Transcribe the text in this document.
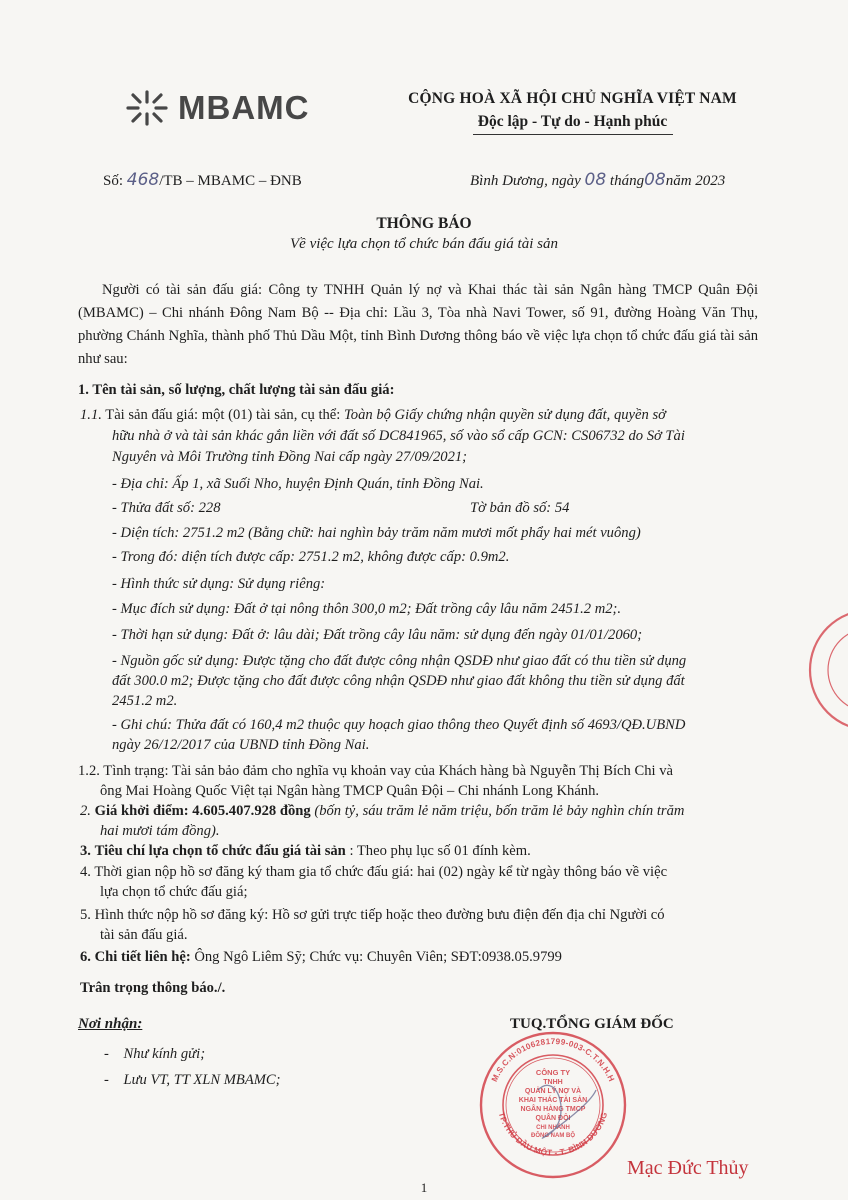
MBAMC	CỘNG HOÀ XÃ HỘI CHỦ NGHĨA VIỆT NAM
Độc lập - Tự do - Hạnh phúc
Số: 468/TB – MBAMC – ĐNB	Bình Dương, ngày 08 tháng08năm 2023
THÔNG BÁO
Về việc lựa chọn tổ chức bán đấu giá tài sản
Người có tài sản đấu giá: Công ty TNHH Quản lý nợ và Khai thác tài sản Ngân hàng TMCP Quân Đội (MBAMC) – Chi nhánh Đông Nam Bộ -- Địa chỉ: Lầu 3, Tòa nhà Navi Tower, số 91, đường Hoàng Văn Thụ, phường Chánh Nghĩa, thành phố Thủ Dầu Một, tỉnh Bình Dương thông báo về việc lựa chọn tổ chức đấu giá tài sản như sau:
1. Tên tài sản, số lượng, chất lượng tài sản đấu giá:
1.1. Tài sản đấu giá: một (01) tài sản, cụ thể: Toàn bộ Giấy chứng nhận quyền sử dụng đất, quyền sở
hữu nhà ở và tài sản khác gắn liền với đất số DC841965, số vào sổ cấp GCN: CS06732 do Sở Tài
Nguyên và Môi Trường tỉnh Đồng Nai cấp ngày 27/09/2021;
- Địa chỉ: Ấp 1, xã Suối Nho, huyện Định Quán, tỉnh Đồng Nai.
- Thửa đất số: 228	Tờ bản đồ số: 54
- Diện tích: 2751.2 m2 (Bằng chữ: hai nghìn bảy trăm năm mươi mốt phẩy hai mét vuông)
- Trong đó: diện tích được cấp: 2751.2 m2, không được cấp: 0.9m2.
- Hình thức sử dụng: Sử dụng riêng:
- Mục đích sử dụng: Đất ở tại nông thôn 300,0 m2; Đất trồng cây lâu năm 2451.2 m2;.
- Thời hạn sử dụng: Đất ở: lâu dài; Đất trồng cây lâu năm: sử dụng đến ngày 01/01/2060;
- Nguồn gốc sử dụng: Được tặng cho đất được công nhận QSDĐ như giao đất có thu tiền sử dụng
đất 300.0 m2; Được tặng cho đất được công nhận QSDĐ như giao đất không thu tiền sử dụng đất
2451.2 m2.
- Ghi chú: Thửa đất có 160,4 m2 thuộc quy hoạch giao thông theo Quyết định số 4693/QĐ.UBND
ngày 26/12/2017 của UBND tỉnh Đồng Nai.
1.2. Tình trạng: Tài sản bảo đảm cho nghĩa vụ khoản vay của Khách hàng bà Nguyễn Thị Bích Chi và
ông Mai Hoàng Quốc Việt tại Ngân hàng TMCP Quân Đội – Chi nhánh Long Khánh.
2. Giá khởi điểm: 4.605.407.928 đồng (bốn tỷ, sáu trăm lẻ năm triệu, bốn trăm lẻ bảy nghìn chín trăm
hai mươi tám đồng).
3. Tiêu chí lựa chọn tổ chức đấu giá tài sản : Theo phụ lục số 01 đính kèm.
4. Thời gian nộp hồ sơ đăng ký tham gia tổ chức đấu giá: hai (02) ngày kể từ ngày thông báo về việc
lựa chọn tổ chức đấu giá;
5. Hình thức nộp hồ sơ đăng ký: Hồ sơ gửi trực tiếp hoặc theo đường bưu điện đến địa chỉ Người có
tài sản đấu giá.
6. Chi tiết liên hệ: Ông Ngô Liêm Sỹ; Chức vụ: Chuyên Viên; SĐT:0938.05.9799
Trân trọng thông báo./.
Nơi nhận:
-    Như kính gửi;
-    Lưu VT, TT XLN MBAMC;
TUQ.TỔNG GIÁM ĐỐC
M.S.C.N:0106281799-003-C.T.N.H.H
TP.THỦ DẦU MỘT - T. BÌNH DƯƠNG
CÔNG TY
TNHH
QUẢN LÝ NỢ VÀ
KHAI THÁC TÀI SẢN
NGÂN HÀNG TMCP
QUÂN ĐỘI
CHI NHÁNH
ĐÔNG NAM BỘ
Mạc Đức Thủy
1
